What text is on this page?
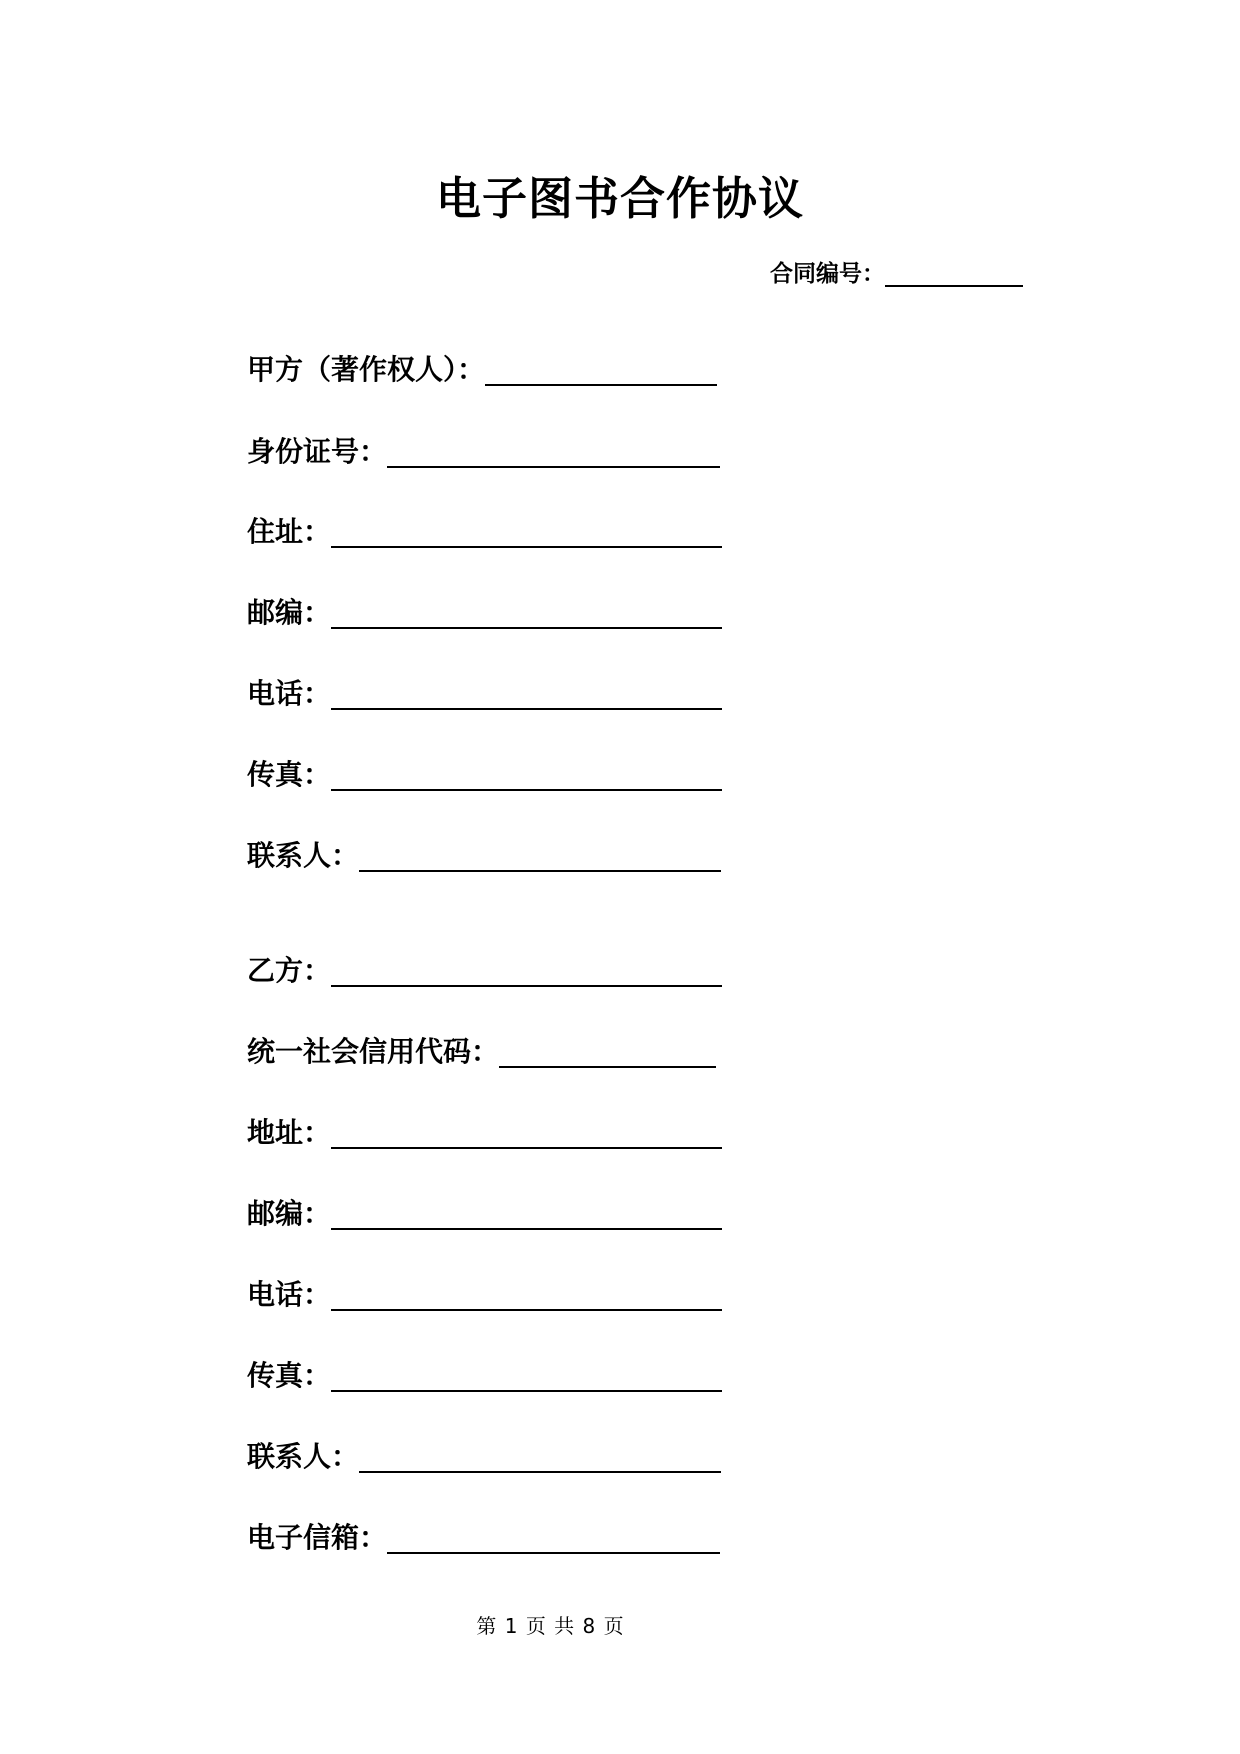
电子图书合作协议
合同编号：
甲方（著作权人）：
身份证号：
住址：
邮编：
电话：
传真：
联系人：
乙方：
统一社会信用代码：
地址：
邮编：
电话：
传真：
联系人：
电子信箱：
第 1 页 共 8 页
